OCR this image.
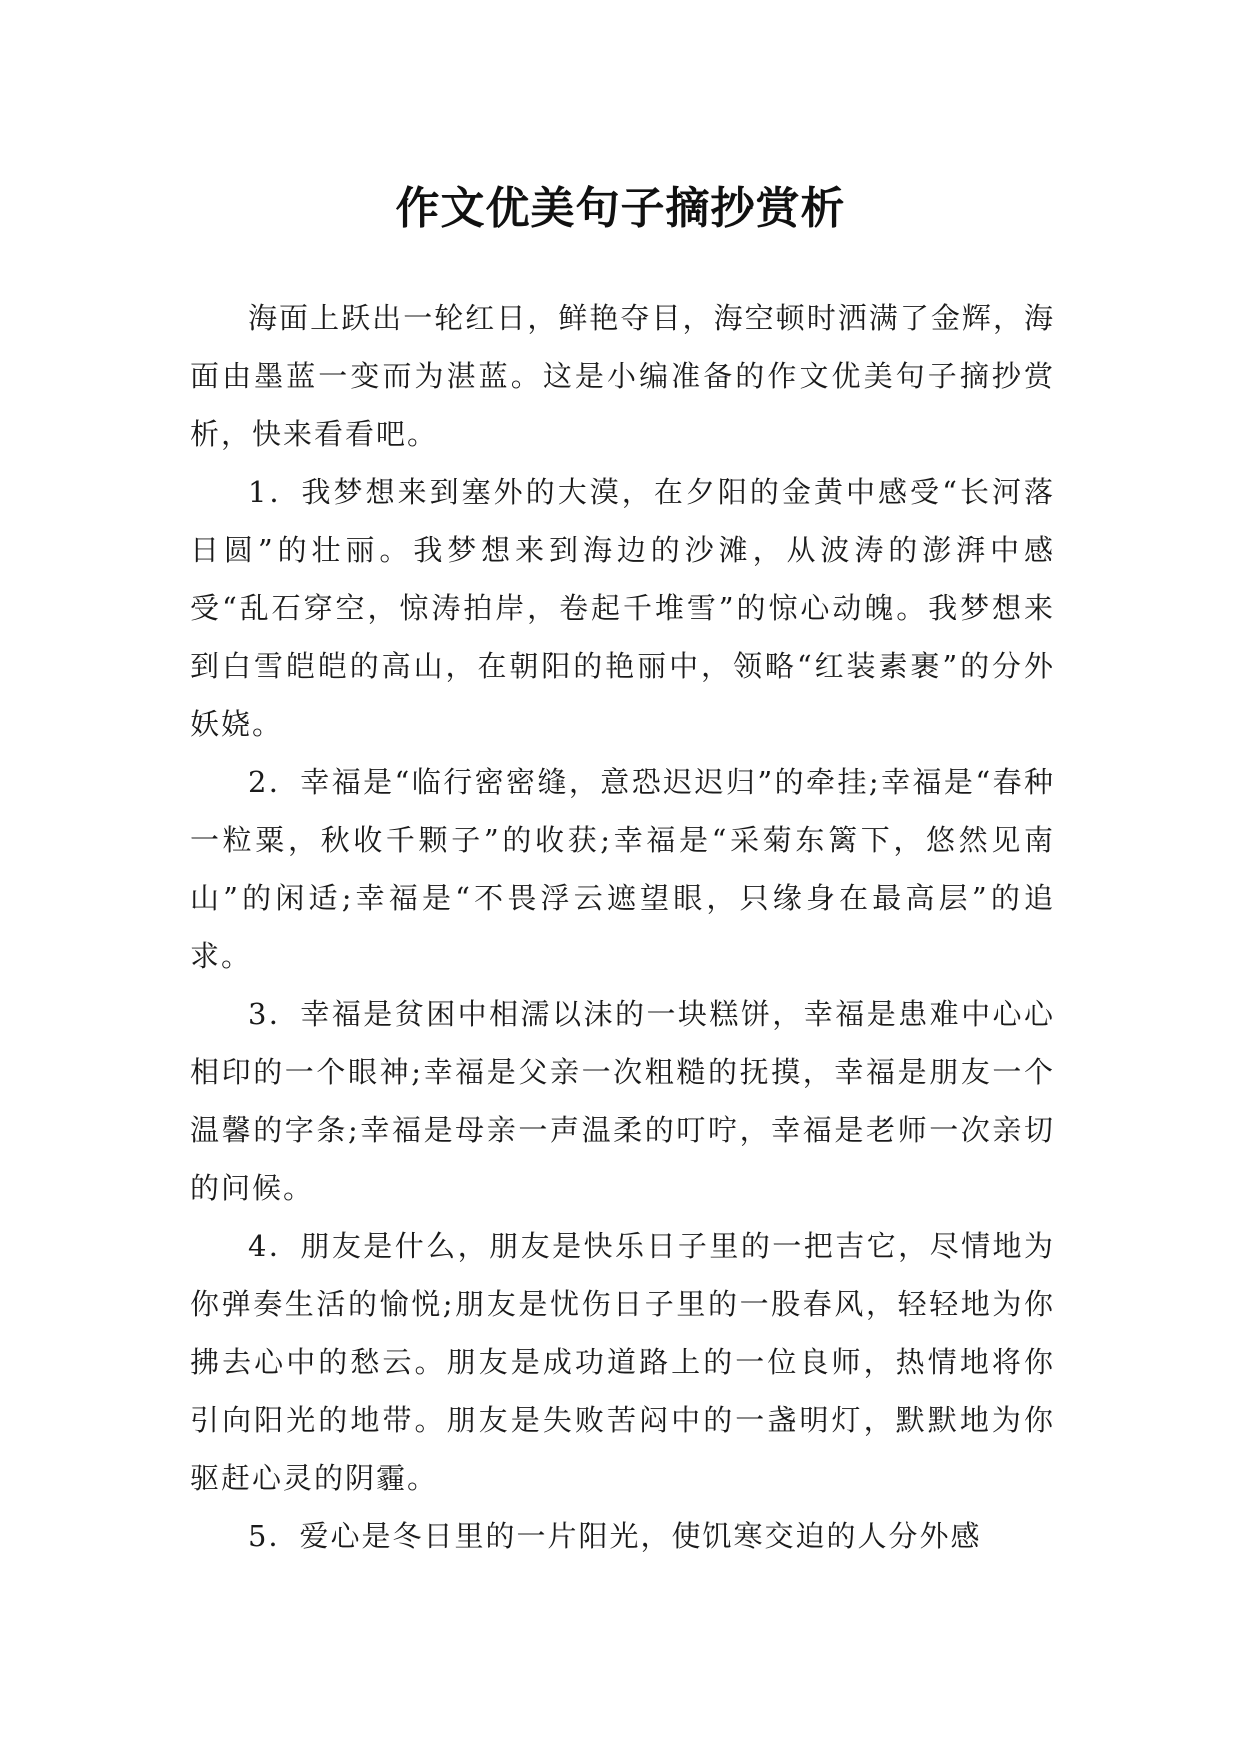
作文优美句子摘抄赏析

海面上跃出一轮红日，鲜艳夺目，海空顿时洒满了金辉，海面由墨蓝一变而为湛蓝。这是小编准备的作文优美句子摘抄赏析，快来看看吧。

1．我梦想来到塞外的大漠，在夕阳的金黄中感受“长河落日圆”的壮丽。我梦想来到海边的沙滩，从波涛的澎湃中感受“乱石穿空，惊涛拍岸，卷起千堆雪”的惊心动魄。我梦想来到白雪皑皑的高山，在朝阳的艳丽中，领略“红装素裹”的分外妖娆。

2．幸福是“临行密密缝，意恐迟迟归”的牵挂;幸福是“春种一粒粟，秋收千颗子”的收获;幸福是“采菊东篱下，悠然见南山”的闲适;幸福是“不畏浮云遮望眼，只缘身在最高层”的追求。

3．幸福是贫困中相濡以沫的一块糕饼，幸福是患难中心心相印的一个眼神;幸福是父亲一次粗糙的抚摸，幸福是朋友一个温馨的字条;幸福是母亲一声温柔的叮咛，幸福是老师一次亲切的问候。

4．朋友是什么，朋友是快乐日子里的一把吉它，尽情地为你弹奏生活的愉悦;朋友是忧伤日子里的一股春风，轻轻地为你拂去心中的愁云。朋友是成功道路上的一位良师，热情地将你引向阳光的地带。朋友是失败苦闷中的一盏明灯，默默地为你驱赶心灵的阴霾。

5．爱心是冬日里的一片阳光，使饥寒交迫的人分外感
